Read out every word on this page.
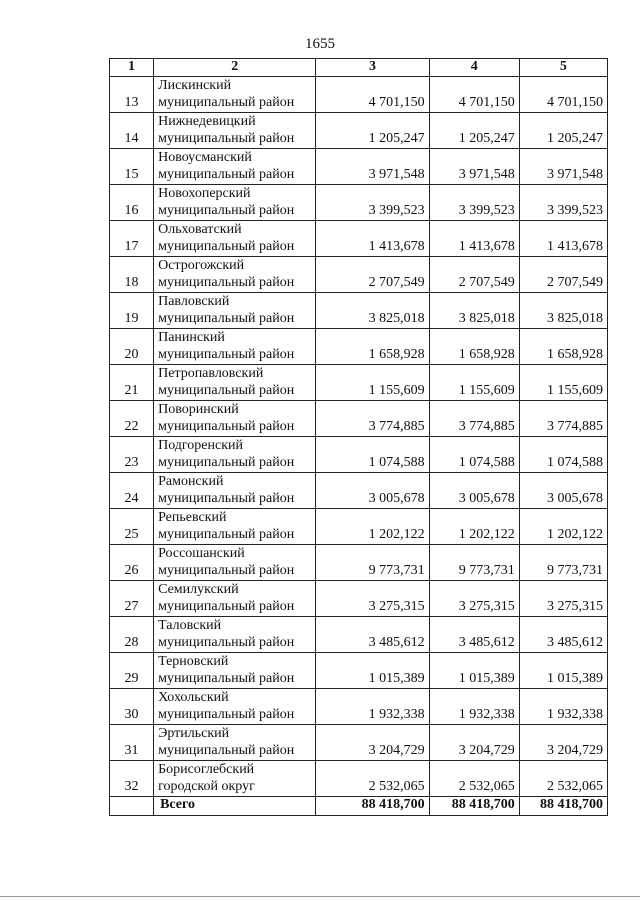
1655
1	2	3	4	5
13	Лискинский муниципальный район	4 701,150	4 701,150	4 701,150
14	Нижнедевицкий муниципальный район	1 205,247	1 205,247	1 205,247
15	Новоусманский муниципальный район	3 971,548	3 971,548	3 971,548
16	Новохоперский муниципальный район	3 399,523	3 399,523	3 399,523
17	Ольховатский муниципальный район	1 413,678	1 413,678	1 413,678
18	Острогожский муниципальный район	2 707,549	2 707,549	2 707,549
19	Павловский муниципальный район	3 825,018	3 825,018	3 825,018
20	Панинский муниципальный район	1 658,928	1 658,928	1 658,928
21	Петропавловский муниципальный район	1 155,609	1 155,609	1 155,609
22	Поворинский муниципальный район	3 774,885	3 774,885	3 774,885
23	Подгоренский муниципальный район	1 074,588	1 074,588	1 074,588
24	Рамонский муниципальный район	3 005,678	3 005,678	3 005,678
25	Репьевский муниципальный район	1 202,122	1 202,122	1 202,122
26	Россошанский муниципальный район	9 773,731	9 773,731	9 773,731
27	Семилукский муниципальный район	3 275,315	3 275,315	3 275,315
28	Таловский муниципальный район	3 485,612	3 485,612	3 485,612
29	Терновский муниципальный район	1 015,389	1 015,389	1 015,389
30	Хохольский муниципальный район	1 932,338	1 932,338	1 932,338
31	Эртильский муниципальный район	3 204,729	3 204,729	3 204,729
32	Борисоглебский городской округ	2 532,065	2 532,065	2 532,065
	Всего	88 418,700	88 418,700	88 418,700
